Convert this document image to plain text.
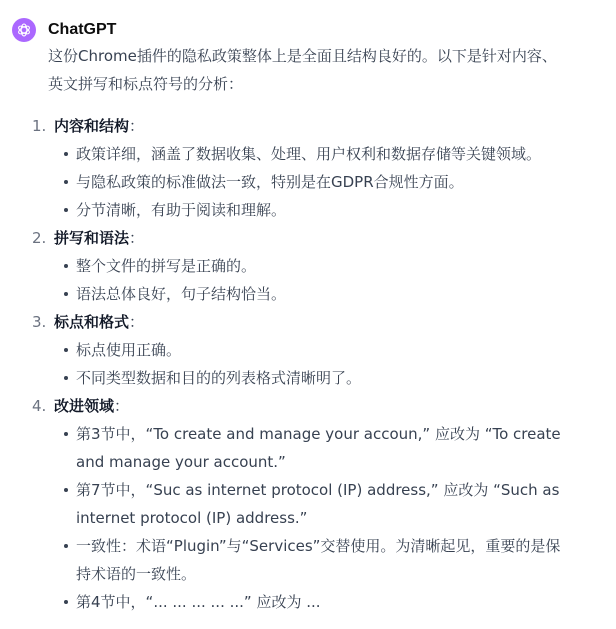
ChatGPT

这份Chrome插件的隐私政策整体上是全面且结构良好的。以下是针对内容、英文拼写和标点符号的分析：

1. 内容和结构：
政策详细，涵盖了数据收集、处理、用户权利和数据存储等关键领域。
与隐私政策的标准做法一致，特别是在GDPR合规性方面。
分节清晰，有助于阅读和理解。
2. 拼写和语法：
整个文件的拼写是正确的。
语法总体良好，句子结构恰当。
3. 标点和格式：
标点使用正确。
不同类型数据和目的的列表格式清晰明了。
4. 改进领域：
第3节中，“To create and manage your accoun,” 应改为 “To create and manage your account.”
第7节中，“Suc as internet protocol (IP) address,” 应改为 “Such as internet protocol (IP) address.”
一致性：术语“Plugin”与“Services”交替使用。为清晰起见，重要的是保持术语的一致性。
第4节中，“... ... ... ... ...” 应改为 ...
